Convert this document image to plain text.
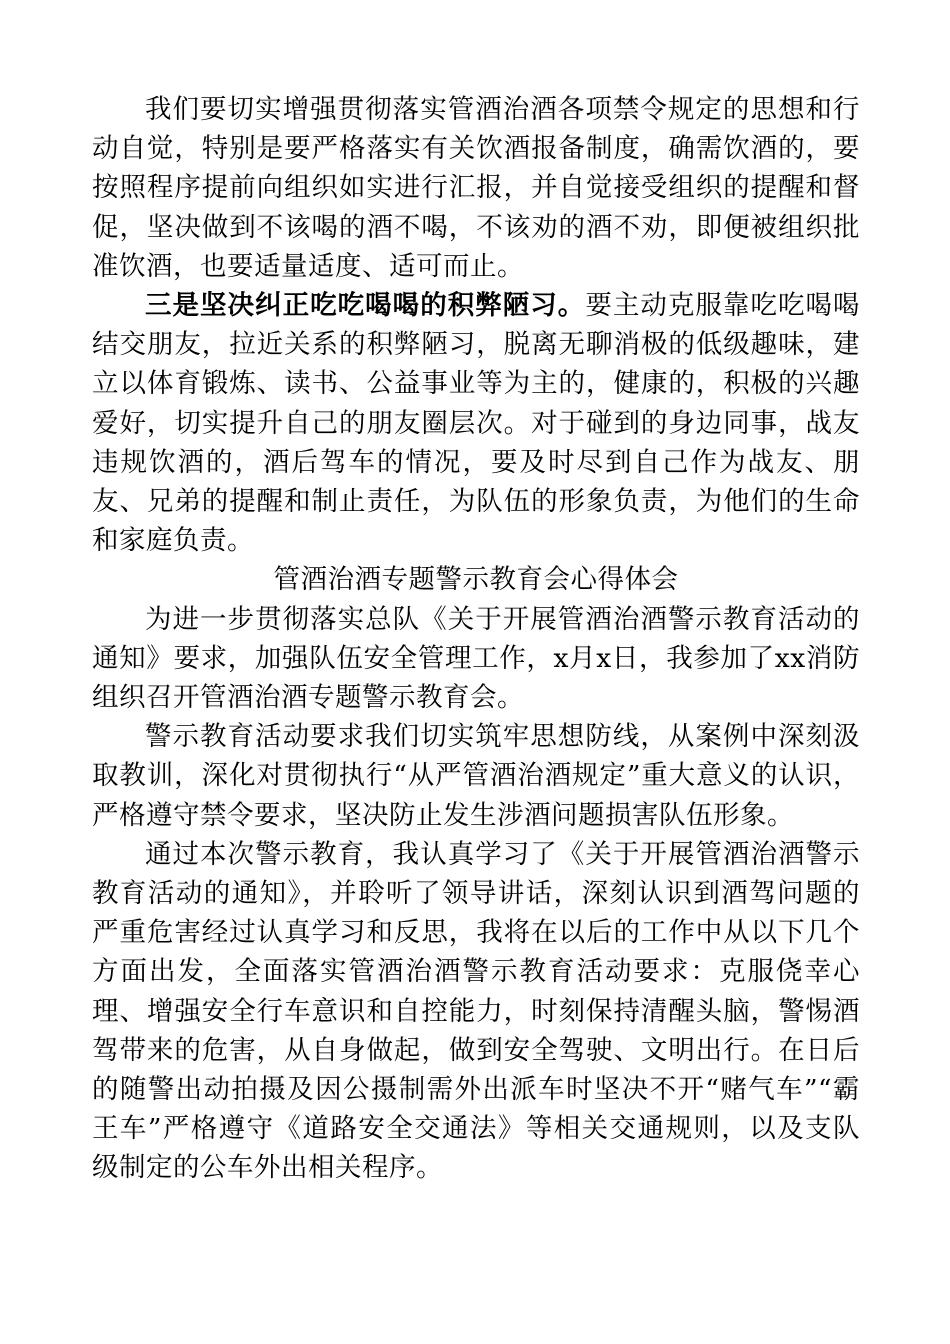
我们要切实增强贯彻落实管酒治酒各项禁令规定的思想和行动自觉，特别是要严格落实有关饮酒报备制度，确需饮酒的，要按照程序提前向组织如实进行汇报，并自觉接受组织的提醒和督促，坚决做到不该喝的酒不喝，不该劝的酒不劝，即便被组织批准饮酒，也要适量适度、适可而止。

三是坚决纠正吃吃喝喝的积弊陋习。要主动克服靠吃吃喝喝结交朋友，拉近关系的积弊陋习，脱离无聊消极的低级趣味，建立以体育锻炼、读书、公益事业等为主的，健康的，积极的兴趣爱好，切实提升自己的朋友圈层次。对于碰到的身边同事，战友违规饮酒的，酒后驾车的情况，要及时尽到自己作为战友、朋友、兄弟的提醒和制止责任，为队伍的形象负责，为他们的生命和家庭负责。

管酒治酒专题警示教育会心得体会

为进一步贯彻落实总队《关于开展管酒治酒警示教育活动的通知》要求，加强队伍安全管理工作，x月x日，我参加了xx消防组织召开管酒治酒专题警示教育会。

警示教育活动要求我们切实筑牢思想防线，从案例中深刻汲取教训，深化对贯彻执行“从严管酒治酒规定”重大意义的认识，严格遵守禁令要求，坚决防止发生涉酒问题损害队伍形象。

通过本次警示教育，我认真学习了《关于开展管酒治酒警示教育活动的通知》，并聆听了领导讲话，深刻认识到酒驾问题的严重危害经过认真学习和反思，我将在以后的工作中从以下几个方面出发，全面落实管酒治酒警示教育活动要求：克服侥幸心理、增强安全行车意识和自控能力，时刻保持清醒头脑，警惕酒驾带来的危害，从自身做起，做到安全驾驶、文明出行。在日后的随警出动拍摄及因公摄制需外出派车时坚决不开“赌气车”“霸王车”严格遵守《道路安全交通法》等相关交通规则，以及支队级制定的公车外出相关程序。
